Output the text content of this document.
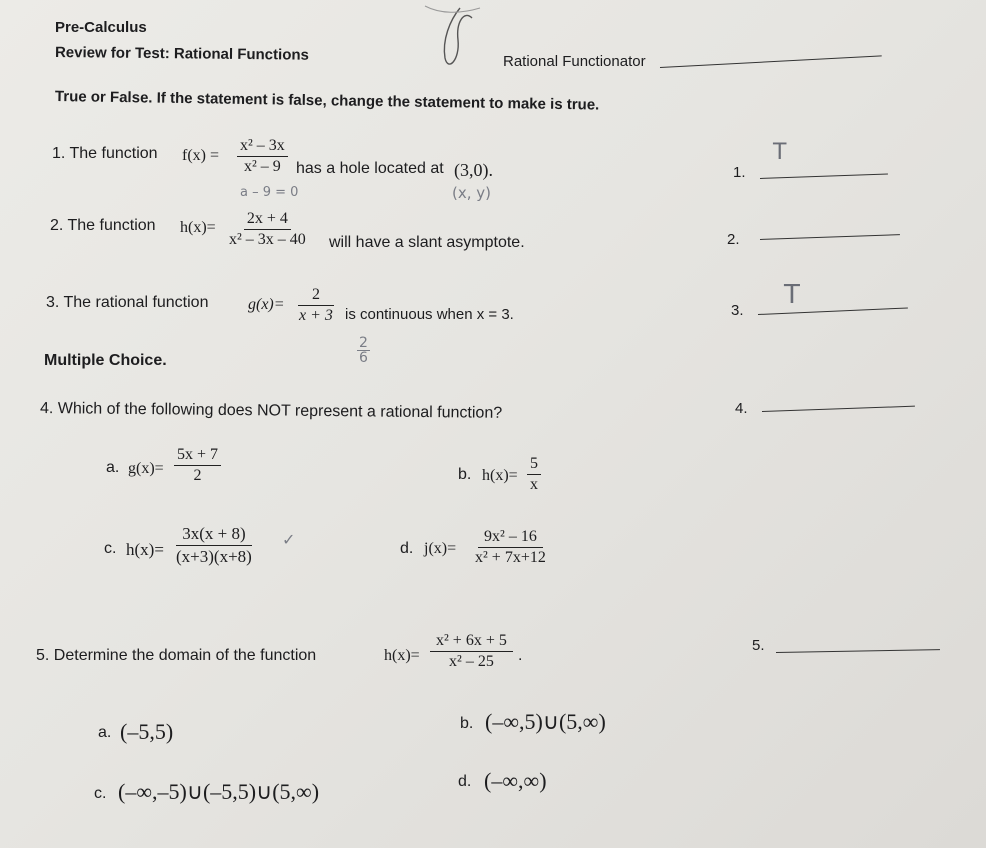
Pre-Calculus
Review for Test: Rational Functions	Rational Functionator
True or False. If the statement is false, change the statement to make is true.
1. The function $f(x) = \frac{\text{x² – 3x}}{\text{x² – 9}}$ has a hole located at (3,0).
a – 9 = 0	(x, y)
1.
T
2. The function $h(x)= \frac{2x + 4}{\text{x² – 3x – 40}}$ will have a slant asymptote.	2.
3. The rational function $g(x)= \frac{2}{x + 3}$ is continuous when x = 3.
$\frac{2}{6}$
3.
T
Multiple Choice.
4. Which of the following does NOT represent a rational function?	4.
a. $g(x)= \frac{5x + 7}{2}$	b. $h(x)= \frac{5}{x}$
c. $h(x)= \frac{3x(x + 8)}{(x+3)(x+8)}$ ✓	d. $j(x)= \frac{\text{9x² – 16}}{\text{x² + 7x+12}}$
5. Determine the domain of the function	$h(x)= \frac{\text{x² + 6x + 5}}{\text{x² – 25}}$ .
5.
a. (–5,5)	b. (–∞,5)∪(5,∞)
c. (–∞,–5)∪(–5,5)∪(5,∞)	d. (–∞,∞)
